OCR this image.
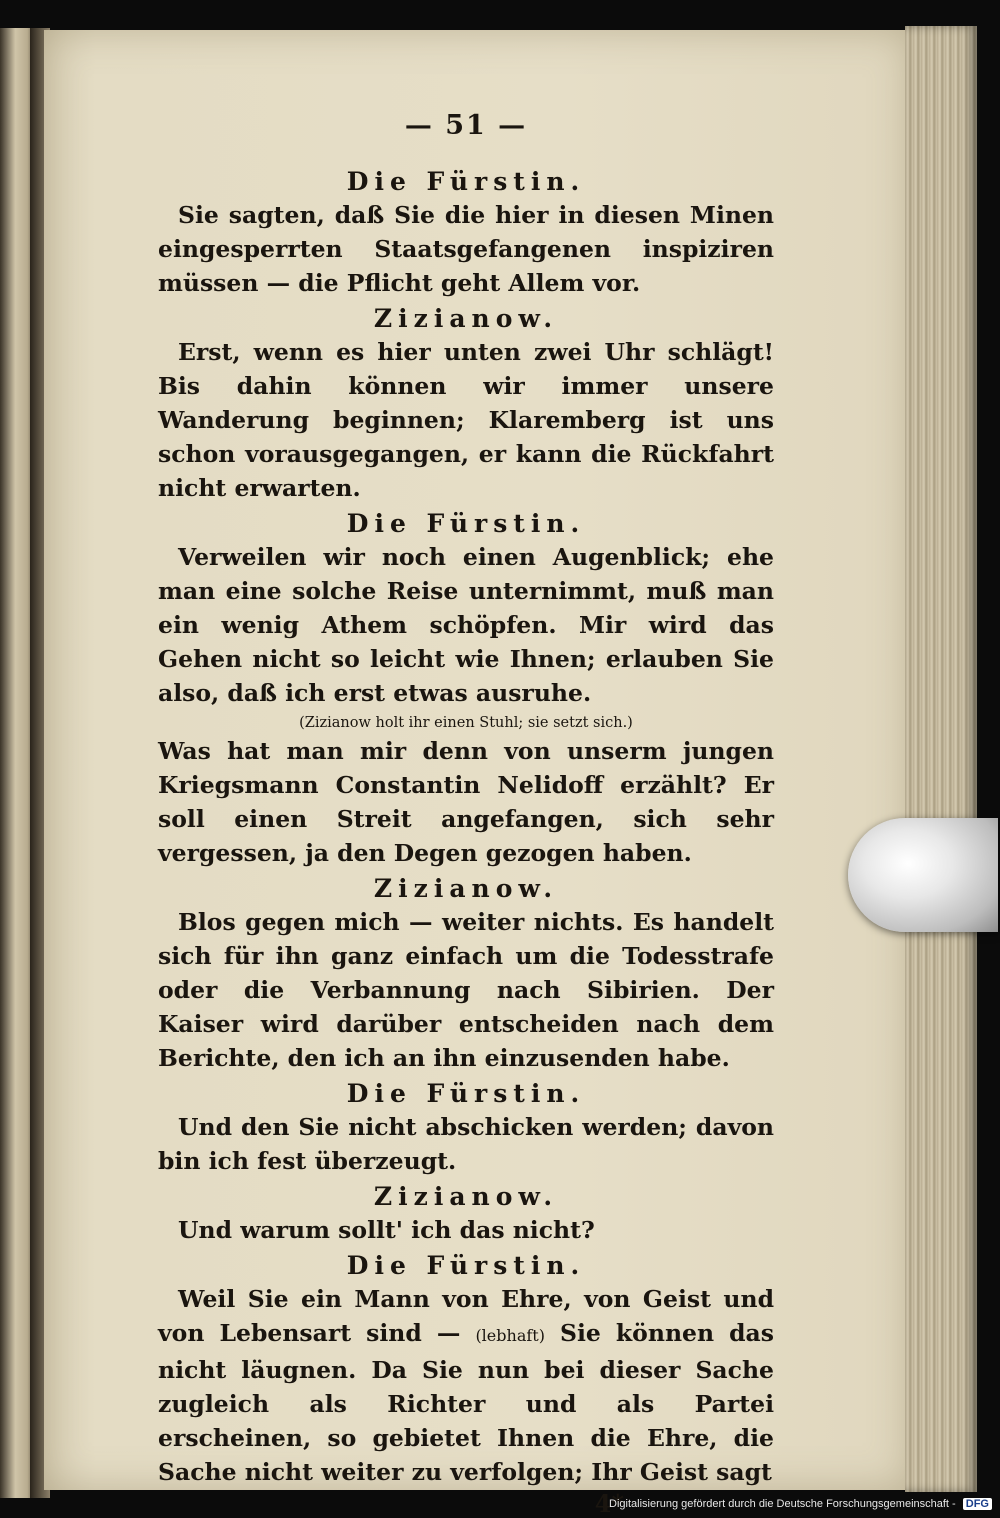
— 51 —
Die Fürstin.

Sie sagten, daß Sie die hier in diesen Minen eingesperrten Staatsgefangenen inspiziren müssen — die Pflicht geht Allem vor.

Zizianow.

Erst, wenn es hier unten zwei Uhr schlägt! Bis dahin können wir immer unsere Wanderung beginnen; Klaremberg ist uns schon vorausgegangen, er kann die Rückfahrt nicht erwarten.

Die Fürstin.

Verweilen wir noch einen Augenblick; ehe man eine solche Reise unternimmt, muß man ein wenig Athem schöpfen. Mir wird das Gehen nicht so leicht wie Ihnen; erlauben Sie also, daß ich erst etwas ausruhe.

(Zizianow holt ihr einen Stuhl; sie setzt sich.)

Was hat man mir denn von unserm jungen Kriegsmann Constantin Nelidoff erzählt? Er soll einen Streit angefangen, sich sehr vergessen, ja den Degen gezogen haben.

Zizianow.

Blos gegen mich — weiter nichts. Es handelt sich für ihn ganz einfach um die Todesstrafe oder die Verbannung nach Sibirien. Der Kaiser wird darüber entscheiden nach dem Berichte, den ich an ihn einzusenden habe.

Die Fürstin.

Und den Sie nicht abschicken werden; davon bin ich fest überzeugt.

Zizianow.

Und warum sollt' ich das nicht?

Die Fürstin.

Weil Sie ein Mann von Ehre, von Geist und von Lebensart sind — (lebhaft) Sie können das nicht läugnen. Da Sie nun bei dieser Sache zugleich als Richter und als Partei erscheinen, so gebietet Ihnen die Ehre, die Sache nicht weiter zu verfolgen; Ihr Geist sagt

4*
Digitalisierung gefördert durch die Deutsche Forschungsgemeinschaft - DFG
